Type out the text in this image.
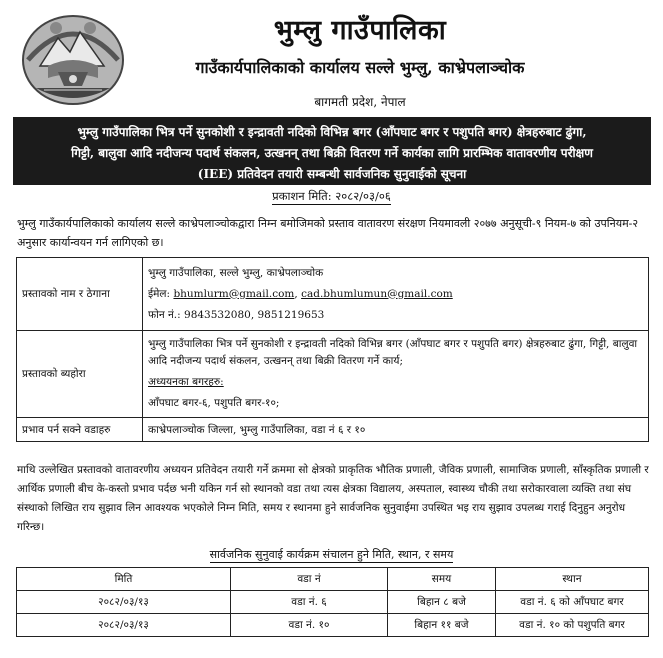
भुम्लु गाउँपालिका
गाउँकार्यपालिकाको कार्यालय सल्ले भुम्लु, काभ्रेपलाञ्चोक
बागमती प्रदेश, नेपाल
भुम्लु गाउँपालिका भित्र पर्ने सुनकोशी र इन्द्रावती नदिको विभिन्न बगर (आँपघाट बगर र पशुपति बगर) क्षेत्रहरुबाट ढुंगा,
गिट्टी, बालुवा आदि नदीजन्य पदार्थ संकलन, उत्खनन् तथा बिक्री वितरण गर्ने कार्यका लागि प्रारम्भिक वातावरणीय परीक्षण
(IEE) प्रतिवेदन तयारी सम्बन्धी सार्वजनिक सुनुवाईको सूचना
प्रकाशन मिति: २०८२/०३/०६
भुम्लु गाउँकार्यपालिकाको कार्यालय सल्ले काभ्रेपलाञ्चोकद्वारा निम्न बमोजिमको प्रस्ताव वातावरण संरक्षण नियमावली २०७७ अनुसूची-९ नियम-७ को उपनियम-२ अनुसार कार्यान्वयन गर्न लागिएको छ।
प्रस्तावको नाम र ठेगाना	भुम्लु गाउँपालिका, सल्ले भुम्लु, काभ्रेपलाञ्चोक
ईमेल: bhumlurm@gmail.com, cad.bhumlumun@gmail.com
फोन नं.: 9843532080, 9851219653

प्रस्तावको ब्यहोरा	भुम्लु गाउँपालिका भित्र पर्ने सुनकोशी र इन्द्रावती नदिको विभिन्न बगर (आँपघाट बगर र पशुपति बगर) क्षेत्रहरुबाट ढुंगा, गिट्टी, बालुवा आदि नदीजन्य पदार्थ संकलन, उत्खनन् तथा बिक्री वितरण गर्ने कार्य;
अध्ययनका बगरहरु:
आँपघाट बगर-६, पशुपति बगर-१०;

प्रभाव पर्न सक्ने वडाहरु	काभ्रेपलाञ्चोक जिल्ला, भुम्लु गाउँपालिका, वडा नं ६ र १०
माथि उल्लेखित प्रस्तावको वातावरणीय अध्ययन प्रतिवेदन तयारी गर्ने क्रममा सो क्षेत्रको प्राकृतिक भौतिक प्रणाली, जैविक प्रणाली, सामाजिक प्रणाली, साँस्कृतिक प्रणाली र आर्थिक प्रणाली बीच के-कस्तो प्रभाव पर्दछ भनी यकिन गर्न सो स्थानको वडा तथा त्यस क्षेत्रका विद्यालय, अस्पताल, स्वास्थ्य चौकी तथा सरोकारवाला व्यक्ति तथा संघ संस्थाको लिखित राय सुझाव लिन आवश्यक भएकोले निम्न मिति, समय र स्थानमा हुने सार्वजनिक सुनुवाईमा उपस्थित भइ राय सुझाव उपलब्ध गराई दिनुहुन अनुरोध गरिन्छ।
सार्वजनिक सुनुवाई कार्यक्रम संचालन हुने मिति, स्थान, र समय
मिति	वडा नं	समय	स्थान
२०८२/०३/१३	वडा नं. ६	बिहान ८ बजे	वडा नं. ६ को आँपघाट बगर
२०८२/०३/१३	वडा नं. १०	बिहान ११ बजे	वडा नं. १० को पशुपति बगर
